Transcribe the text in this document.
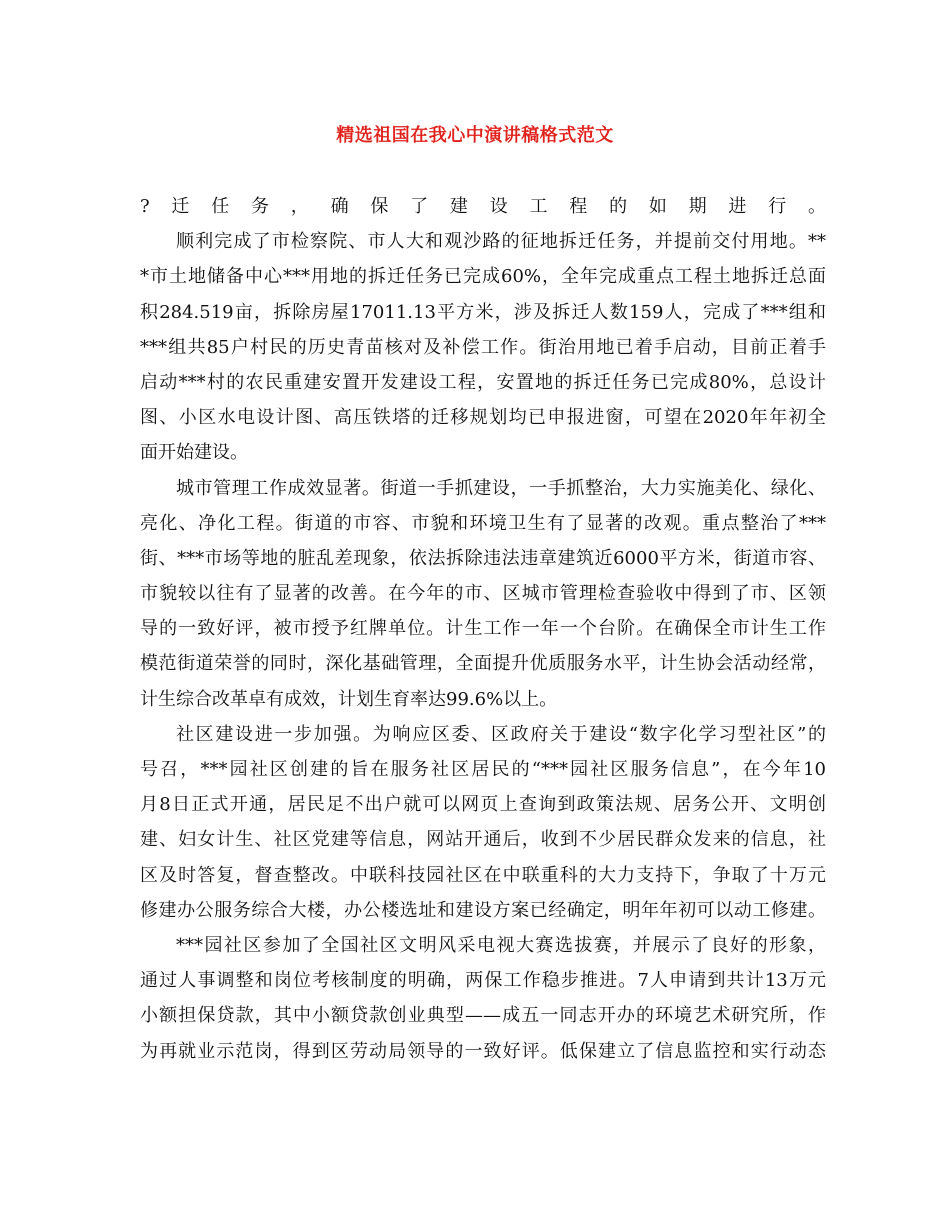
精选祖国在我心中演讲稿格式范文
?迁任务，确保了建设工程的如期进行。
顺利完成了市检察院、市人大和观沙路的征地拆迁任务，并提前交付用地。**
*市土地储备中心***用地的拆迁任务已完成60%，全年完成重点工程土地拆迁总面
积284.519亩，拆除房屋17011.13平方米，涉及拆迁人数159人，完成了***组和
***组共85户村民的历史青苗核对及补偿工作。街治用地已着手启动，目前正着手
启动***村的农民重建安置开发建设工程，安置地的拆迁任务已完成80%，总设计
图、小区水电设计图、高压铁塔的迁移规划均已申报进窗，可望在2020年年初全
面开始建设。
城市管理工作成效显著。街道一手抓建设，一手抓整治，大力实施美化、绿化、
亮化、净化工程。街道的市容、市貌和环境卫生有了显著的改观。重点整治了***
街、***市场等地的脏乱差现象，依法拆除违法违章建筑近6000平方米，街道市容、
市貌较以往有了显著的改善。在今年的市、区城市管理检查验收中得到了市、区领
导的一致好评，被市授予红牌单位。计生工作一年一个台阶。在确保全市计生工作
模范街道荣誉的同时，深化基础管理，全面提升优质服务水平，计生协会活动经常，
计生综合改革卓有成效，计划生育率达99.6%以上。
社区建设进一步加强。为响应区委、区政府关于建设“数字化学习型社区”的
号召，***园社区创建的旨在服务社区居民的“***园社区服务信息”，在今年10
月8日正式开通，居民足不出户就可以网页上查询到政策法规、居务公开、文明创
建、妇女计生、社区党建等信息，网站开通后，收到不少居民群众发来的信息，社
区及时答复，督查整改。中联科技园社区在中联重科的大力支持下，争取了十万元
修建办公服务综合大楼，办公楼选址和建设方案已经确定，明年年初可以动工修建。
***园社区参加了全国社区文明风采电视大赛选拔赛，并展示了良好的形象，
通过人事调整和岗位考核制度的明确，两保工作稳步推进。7人申请到共计13万元
小额担保贷款，其中小额贷款创业典型——成五一同志开办的环境艺术研究所，作
为再就业示范岗，得到区劳动局领导的一致好评。低保建立了信息监控和实行动态
